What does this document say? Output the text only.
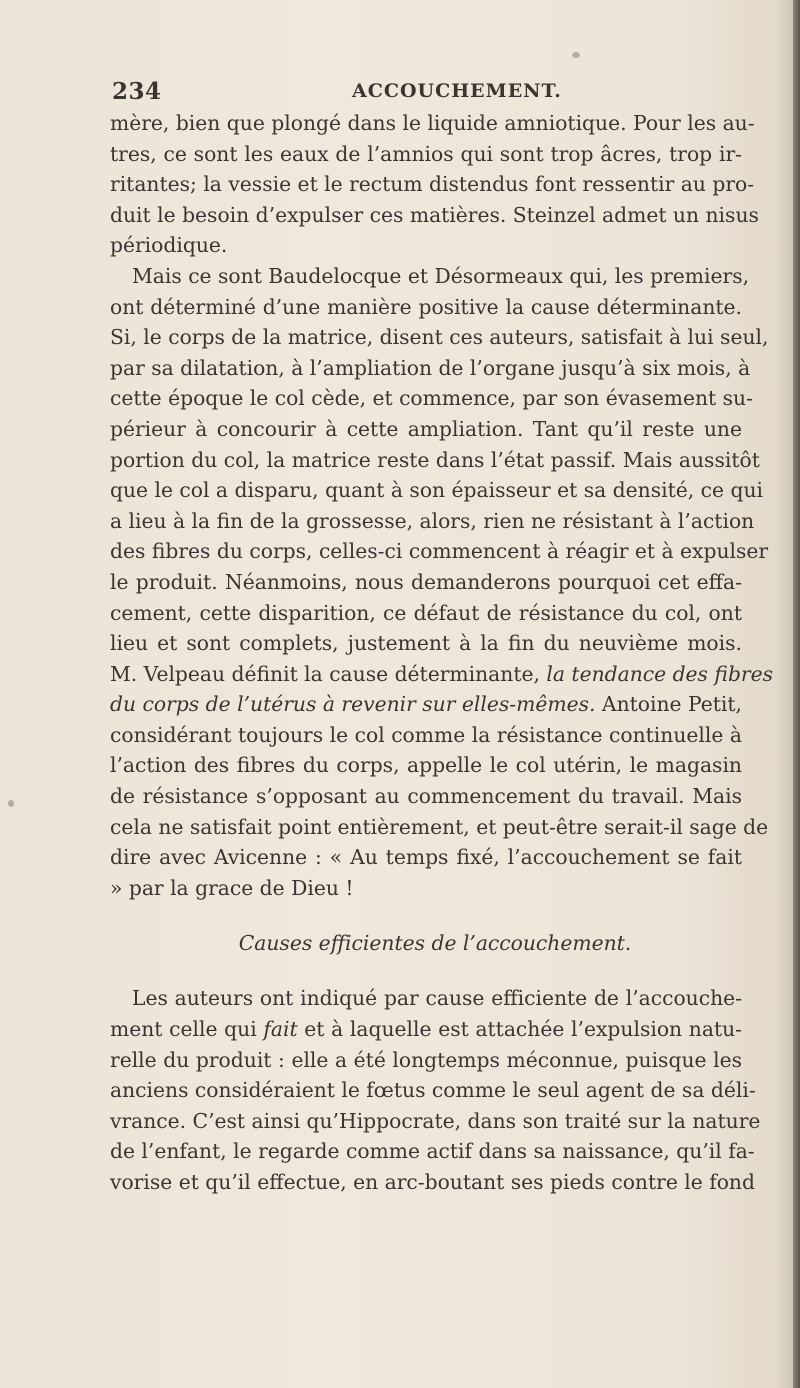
234	ACCOUCHEMENT.
mère, bien que plongé dans le liquide amniotique. Pour les au-
tres, ce sont les eaux de l’amnios qui sont trop âcres, trop ir-
ritantes; la vessie et le rectum distendus font ressentir au pro-
duit le besoin d’expulser ces matières. Steinzel admet un nisus
périodique.
Mais ce sont Baudelocque et Désormeaux qui, les premiers,
ont déterminé d’une manière positive la cause déterminante.
Si, le corps de la matrice, disent ces auteurs, satisfait à lui seul,
par sa dilatation, à l’ampliation de l’organe jusqu’à six mois, à
cette époque le col cède, et commence, par son évasement su-
périeur à concourir à cette ampliation. Tant qu’il reste une
portion du col, la matrice reste dans l’état passif. Mais aussitôt
que le col a disparu, quant à son épaisseur et sa densité, ce qui
a lieu à la fin de la grossesse, alors, rien ne résistant à l’action
des fibres du corps, celles-ci commencent à réagir et à expulser
le produit. Néanmoins, nous demanderons pourquoi cet effa-
cement, cette disparition, ce défaut de résistance du col, ont
lieu et sont complets, justement à la fin du neuvième mois.
M. Velpeau définit la cause déterminante, la tendance des fibres
du corps de l’utérus à revenir sur elles-mêmes. Antoine Petit,
considérant toujours le col comme la résistance continuelle à
l’action des fibres du corps, appelle le col utérin, le magasin
de résistance s’opposant au commencement du travail. Mais
cela ne satisfait point entièrement, et peut-être serait-il sage de
dire avec Avicenne : « Au temps fixé, l’accouchement se fait
» par la grace de Dieu !
Causes efficientes de l’accouchement.
Les auteurs ont indiqué par cause efficiente de l’accouche-
ment celle qui fait et à laquelle est attachée l’expulsion natu-
relle du produit : elle a été longtemps méconnue, puisque les
anciens considéraient le fœtus comme le seul agent de sa déli-
vrance. C’est ainsi qu’Hippocrate, dans son traité sur la nature
de l’enfant, le regarde comme actif dans sa naissance, qu’il fa-
vorise et qu’il effectue, en arc-boutant ses pieds contre le fond
